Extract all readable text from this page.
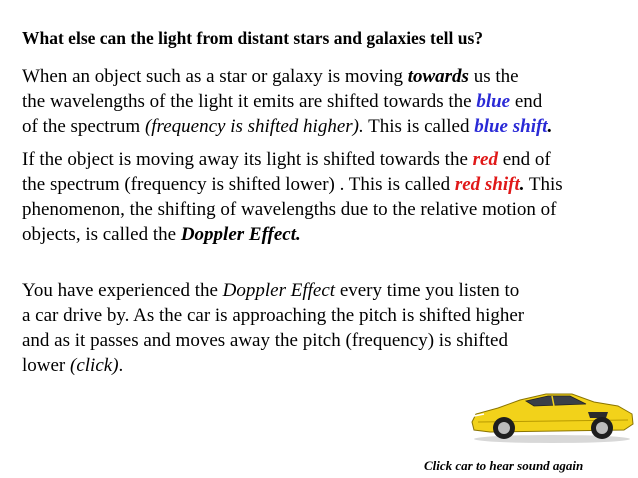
What else can the light from distant stars and galaxies tell us?

When an object such as a star or galaxy is moving towards us the
the wavelengths of the light it emits are shifted towards the blue end
of the spectrum (frequency is shifted higher). This is called blue shift.

If the object is moving away its light is shifted towards the red end of
the spectrum (frequency is shifted lower) . This is called red shift. This
phenomenon, the shifting of wavelengths due to the relative motion of
objects, is called the Doppler Effect.

You have experienced the Doppler Effect every time you listen to
a car drive by. As the car is approaching the pitch is shifted higher
and as it passes and moves away the pitch (frequency) is shifted
lower (click).

Click car to hear sound again
